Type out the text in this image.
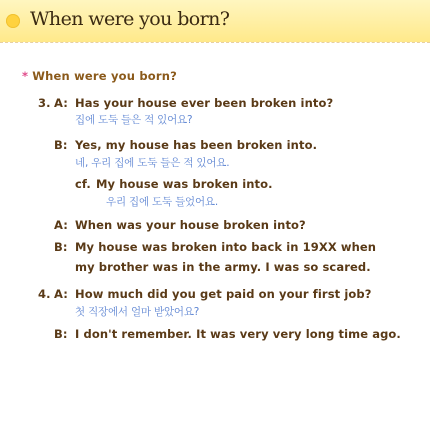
When were you born?
* When were you born?
3. A: Has your house ever been broken into?
집에 도둑 들은 적 있어요?
B: Yes, my house has been broken into.
네, 우리 집에 도둑 들은 적 있어요.
cf. My house was broken into.
우리 집에 도둑 들었어요.
A: When was your house broken into?
B: My house was broken into back in 19XX when
my brother was in the army. I was so scared.
4. A: How much did you get paid on your first job?
첫 직장에서 얼마 받았어요?
B: I don't remember. It was very very long time ago.
